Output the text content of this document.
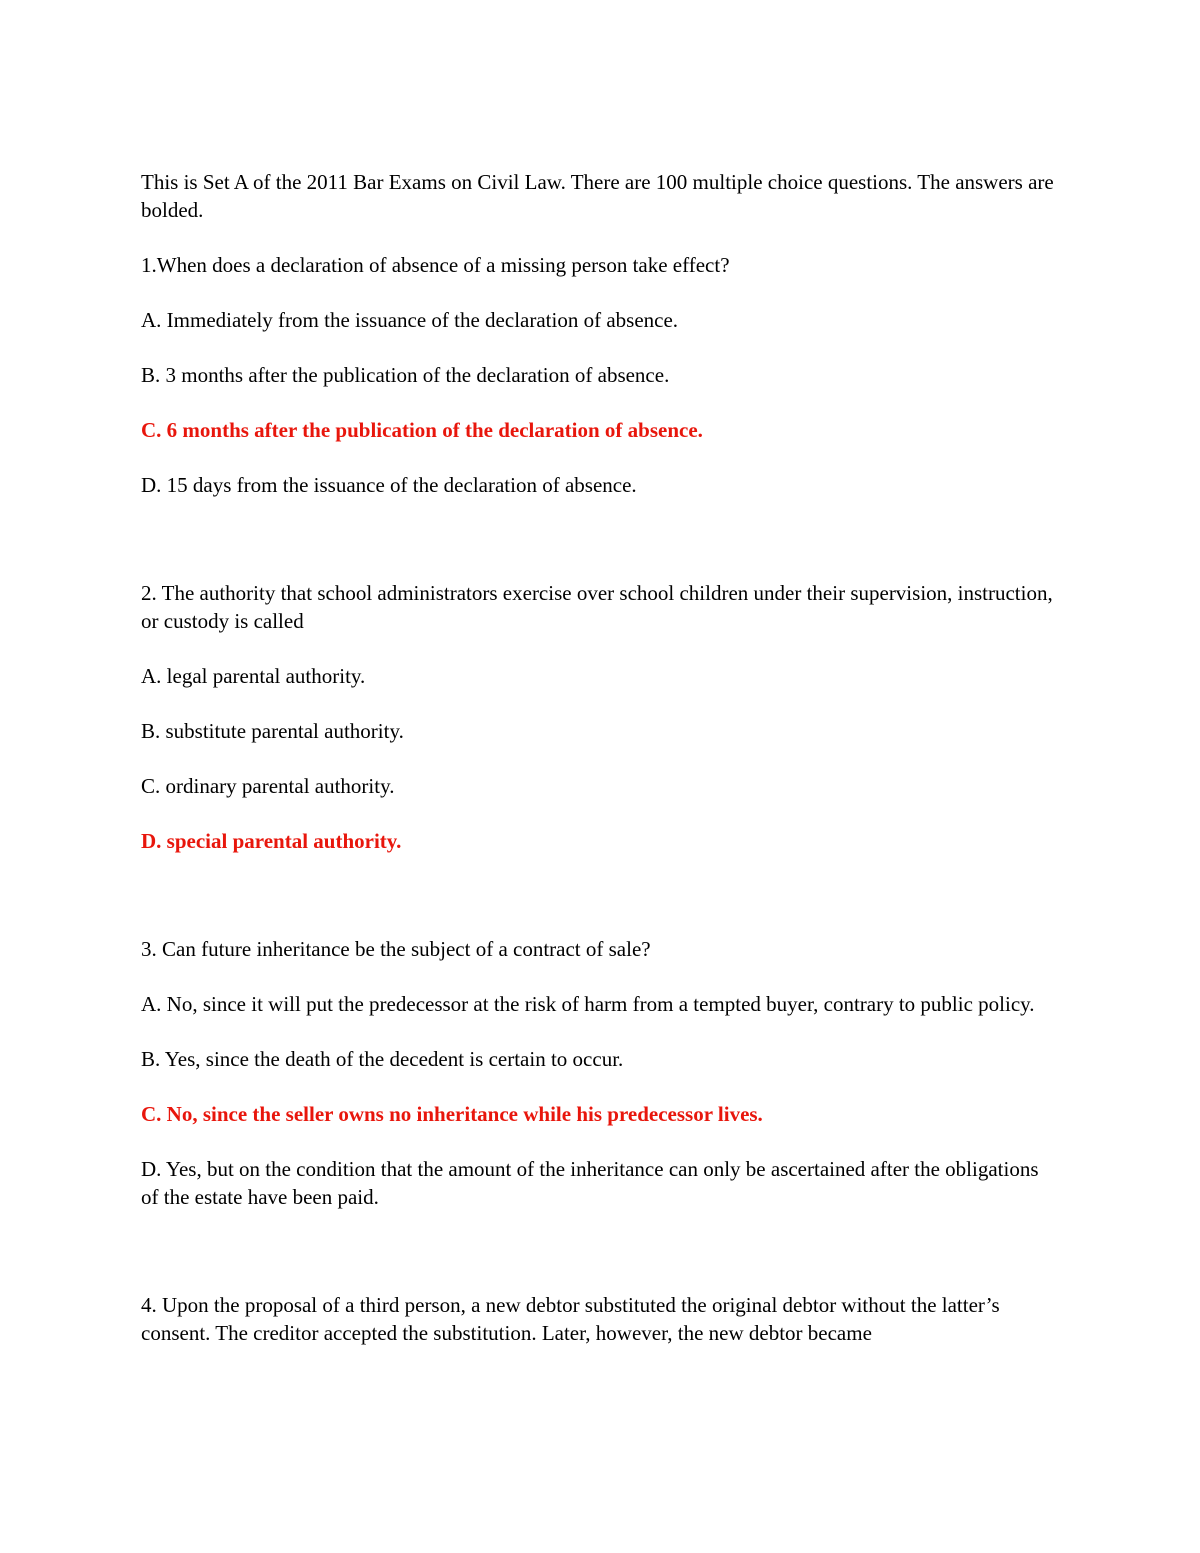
This is Set A of the 2011 Bar Exams on Civil Law. There are 100 multiple choice questions. The answers are bolded.

1.When does a declaration of absence of a missing person take effect?

A. Immediately from the issuance of the declaration of absence.

B. 3 months after the publication of the declaration of absence.

C. 6 months after the publication of the declaration of absence.

D. 15 days from the issuance of the declaration of absence.

2. The authority that school administrators exercise over school children under their supervision, instruction, or custody is called

A. legal parental authority.

B. substitute parental authority.

C. ordinary parental authority.

D. special parental authority.

3. Can future inheritance be the subject of a contract of sale?

A. No, since it will put the predecessor at the risk of harm from a tempted buyer, contrary to public policy.

B. Yes, since the death of the decedent is certain to occur.

C. No, since the seller owns no inheritance while his predecessor lives.

D. Yes, but on the condition that the amount of the inheritance can only be ascertained after the obligations of the estate have been paid.

4. Upon the proposal of a third person, a new debtor substituted the original debtor without the latter’s consent. The creditor accepted the substitution. Later, however, the new debtor became
